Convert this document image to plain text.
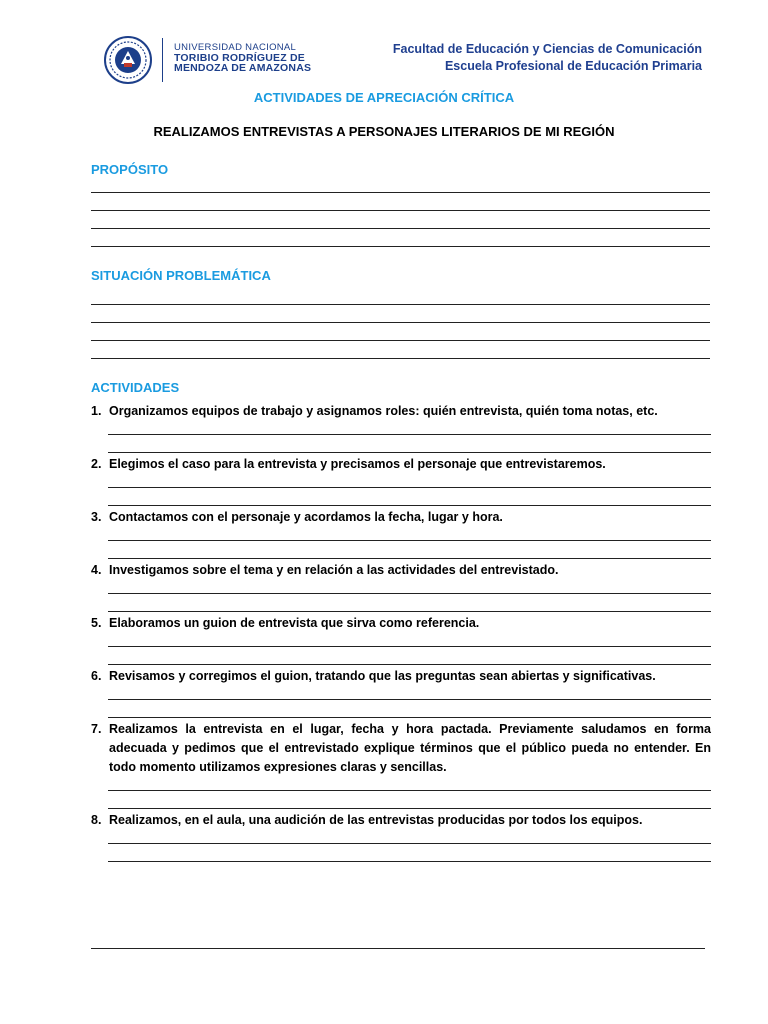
UNIVERSIDAD NACIONAL
TORIBIO RODRÍGUEZ DE
MENDOZA DE AMAZONAS
Facultad de Educación y Ciencias de Comunicación
Escuela Profesional de Educación Primaria
ACTIVIDADES DE APRECIACIÓN CRÍTICA
REALIZAMOS ENTREVISTAS A PERSONAJES LITERARIOS DE MI REGIÓN
PROPÓSITO
SITUACIÓN PROBLEMÁTICA
ACTIVIDADES
1. Organizamos equipos de trabajo y asignamos roles: quién entrevista, quién toma notas, etc.
2. Elegimos el caso para la entrevista y precisamos el personaje que entrevistaremos.
3. Contactamos con el personaje y acordamos la fecha, lugar y hora.
4. Investigamos sobre el tema y en relación a las actividades del entrevistado.
5. Elaboramos un guion de entrevista que sirva como referencia.
6. Revisamos y corregimos el guion, tratando que las preguntas sean abiertas y significativas.
7. Realizamos la entrevista en el lugar, fecha y hora pactada. Previamente saludamos en forma adecuada y pedimos que el entrevistado explique términos que el público pueda no entender. En todo momento utilizamos expresiones claras y sencillas.
8. Realizamos, en el aula, una audición de las entrevistas producidas por todos los equipos.
